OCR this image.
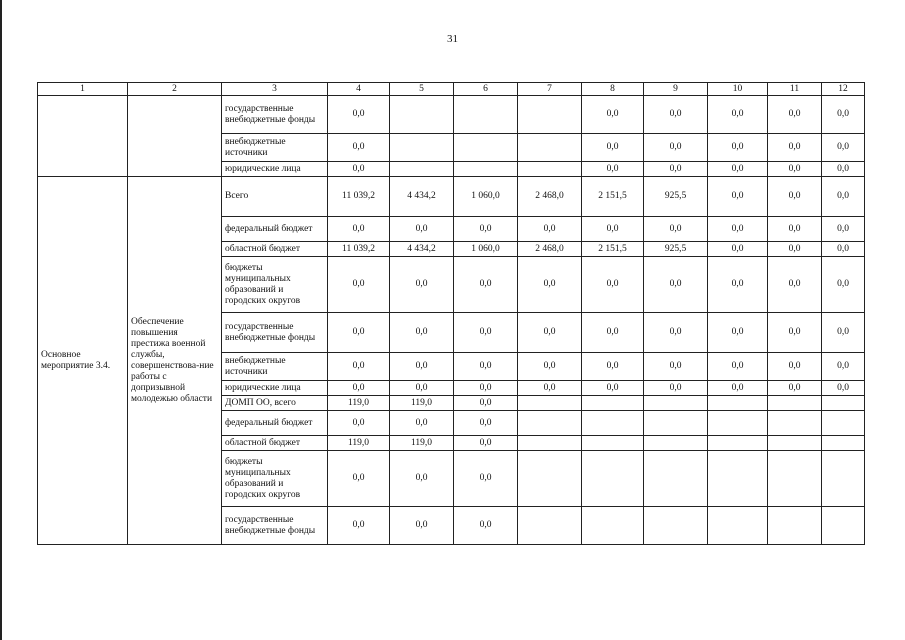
31
1	2	3	4	5	6	7	8	9	10	11	12
		государственные внебюджетные фонды	0,0				0,0	0,0	0,0	0,0	0,0
		внебюджетные источники	0,0				0,0	0,0	0,0	0,0	0,0
		юридические лица	0,0				0,0	0,0	0,0	0,0	0,0
Основное мероприятие 3.4.	Обеспечение повышения престижа военной службы, совершенствова-ние работы с допризывной молодежью области	Всего	11 039,2	4 434,2	1 060,0	2 468,0	2 151,5	925,5	0,0	0,0	0,0
		федеральный бюджет	0,0	0,0	0,0	0,0	0,0	0,0	0,0	0,0	0,0
		областной бюджет	11 039,2	4 434,2	1 060,0	2 468,0	2 151,5	925,5	0,0	0,0	0,0
		бюджеты муниципальных образований и городских округов	0,0	0,0	0,0	0,0	0,0	0,0	0,0	0,0	0,0
		государственные внебюджетные фонды	0,0	0,0	0,0	0,0	0,0	0,0	0,0	0,0	0,0
		внебюджетные источники	0,0	0,0	0,0	0,0	0,0	0,0	0,0	0,0	0,0
		юридические лица	0,0	0,0	0,0	0,0	0,0	0,0	0,0	0,0	0,0
		ДОМП ОО, всего	119,0	119,0	0,0						
		федеральный бюджет	0,0	0,0	0,0						
		областной бюджет	119,0	119,0	0,0						
		бюджеты муниципальных образований и городских округов	0,0	0,0	0,0						
		государственные внебюджетные фонды	0,0	0,0	0,0						
